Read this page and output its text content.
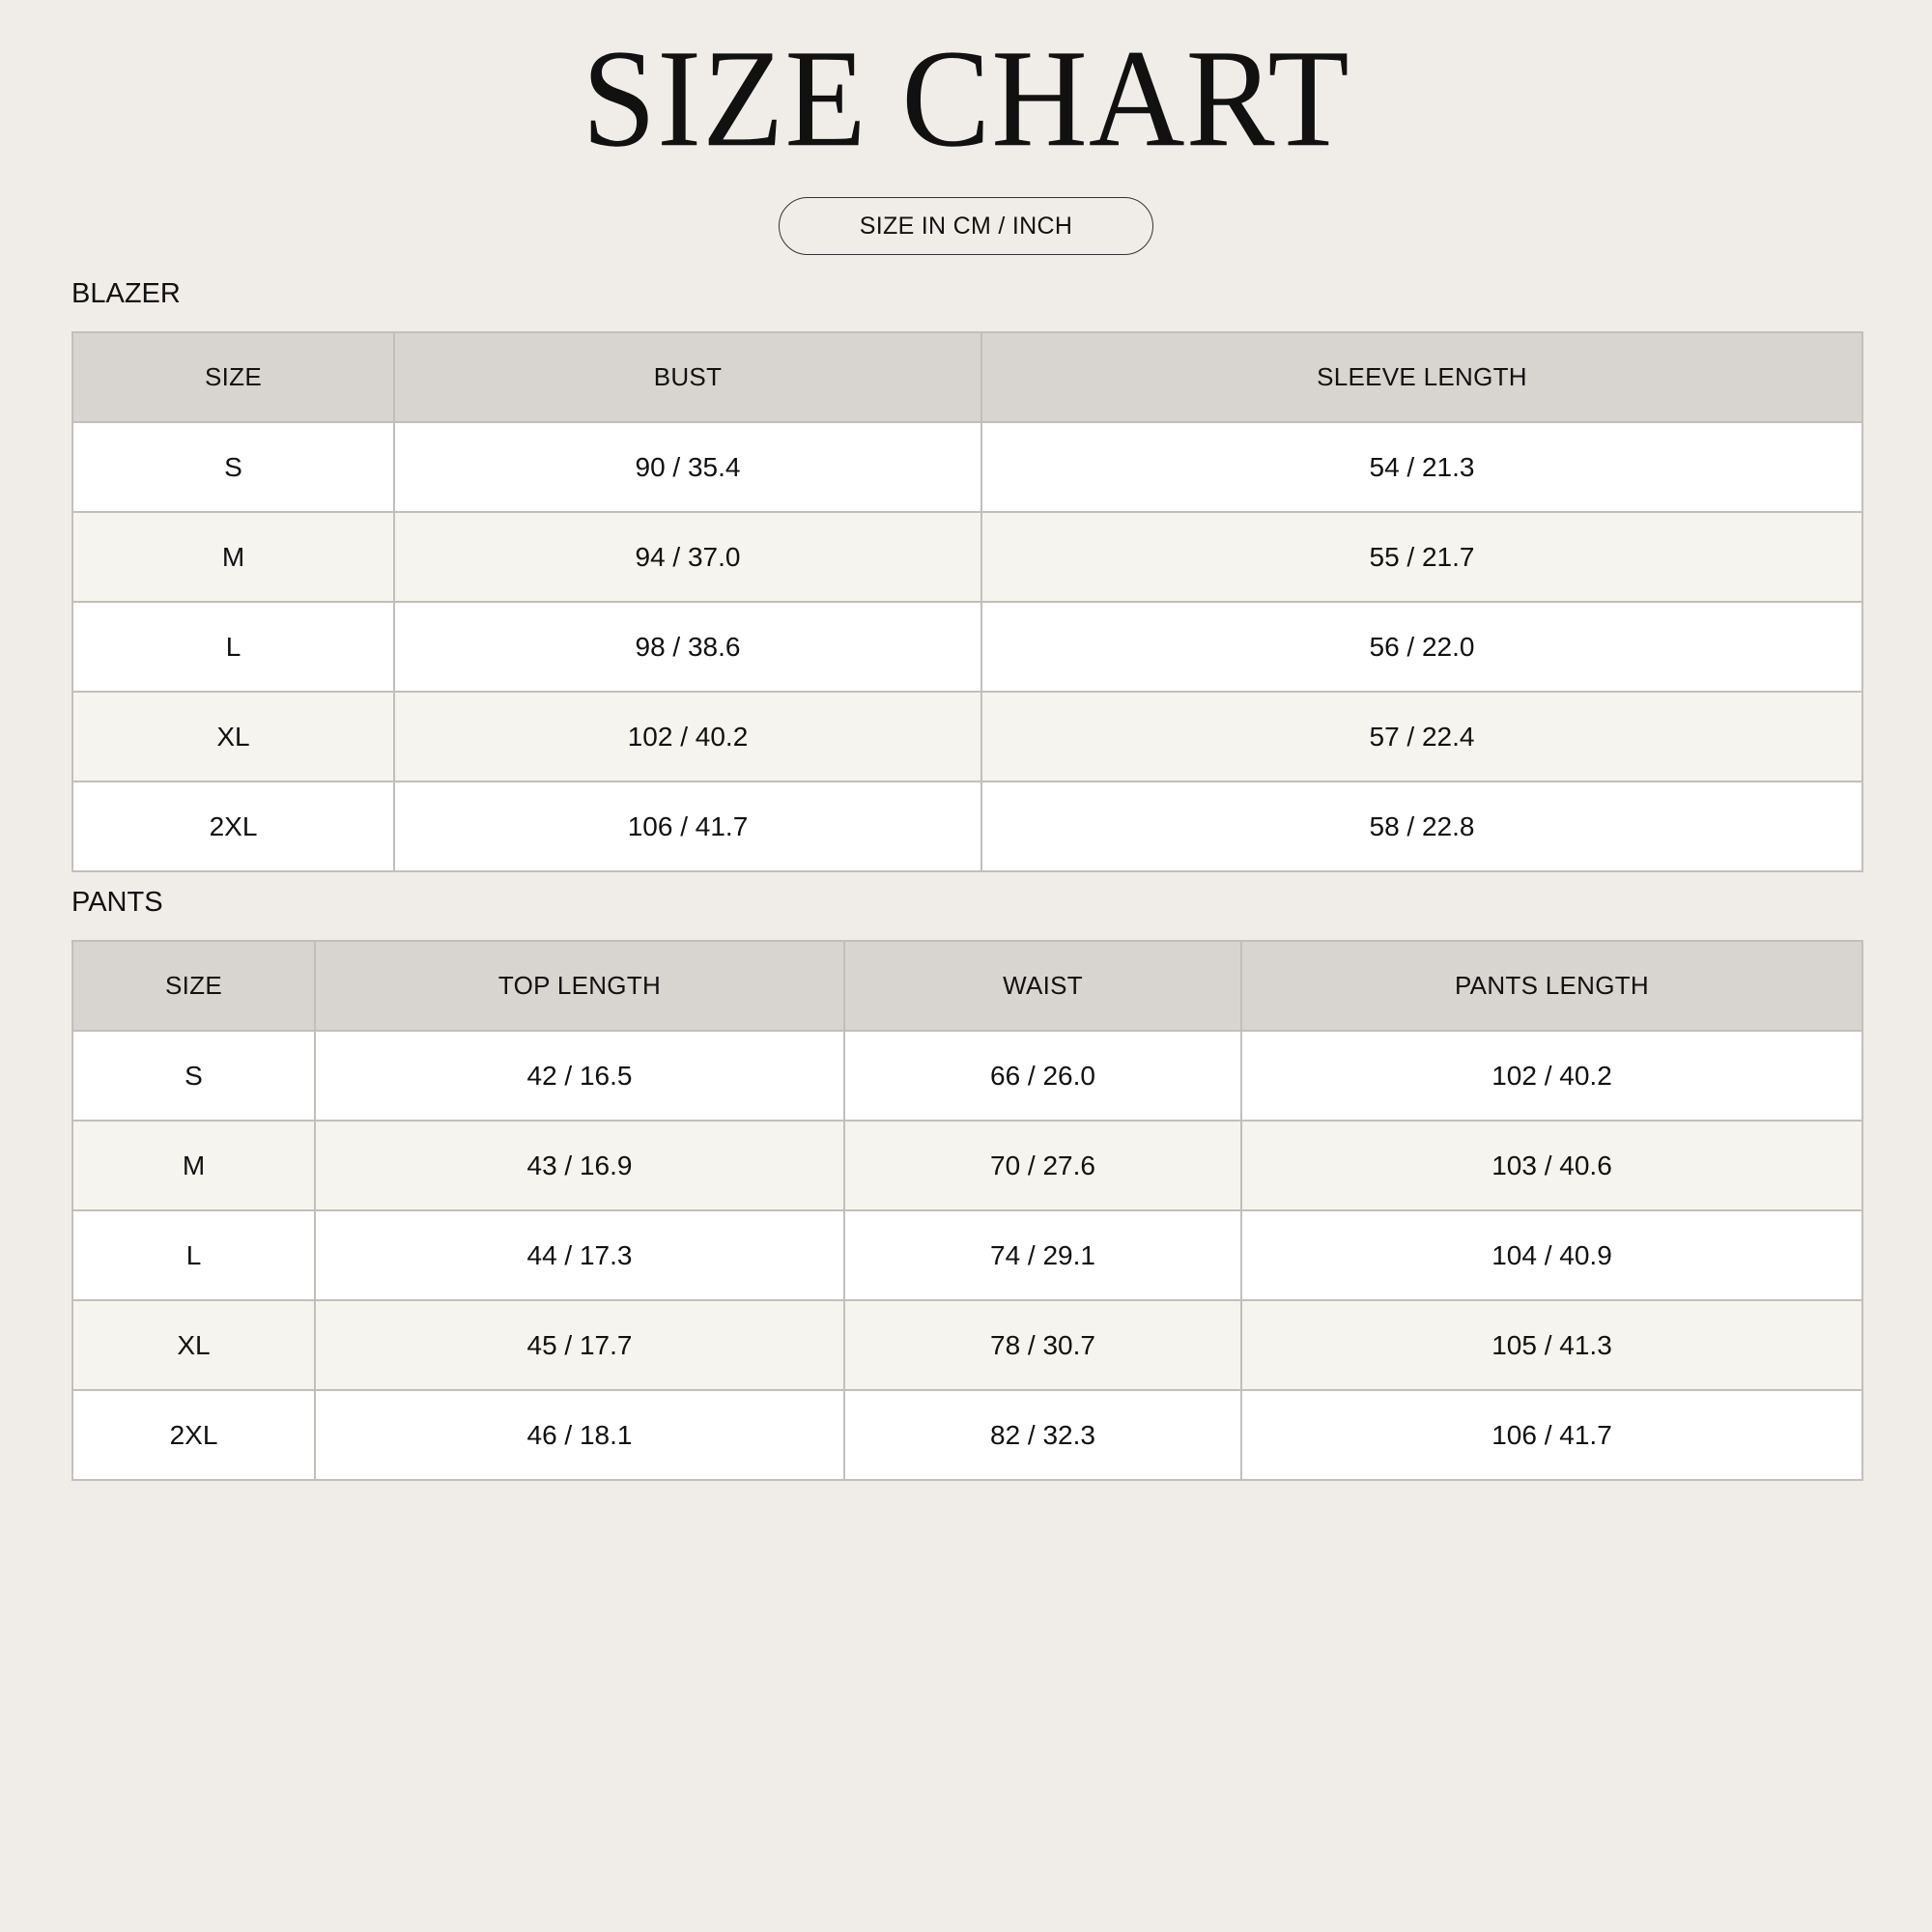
SIZE CHART
SIZE IN CM / INCH
BLAZER
SIZE	BUST	SLEEVE LENGTH
S	90 / 35.4	54 / 21.3
M	94 / 37.0	55 / 21.7
L	98 / 38.6	56 / 22.0
XL	102 / 40.2	57 / 22.4
2XL	106 / 41.7	58 / 22.8
PANTS
SIZE	TOP LENGTH	WAIST	PANTS LENGTH
S	42 / 16.5	66 / 26.0	102 / 40.2
M	43 / 16.9	70 / 27.6	103 / 40.6
L	44 / 17.3	74 / 29.1	104 / 40.9
XL	45 / 17.7	78 / 30.7	105 / 41.3
2XL	46 / 18.1	82 / 32.3	106 / 41.7
